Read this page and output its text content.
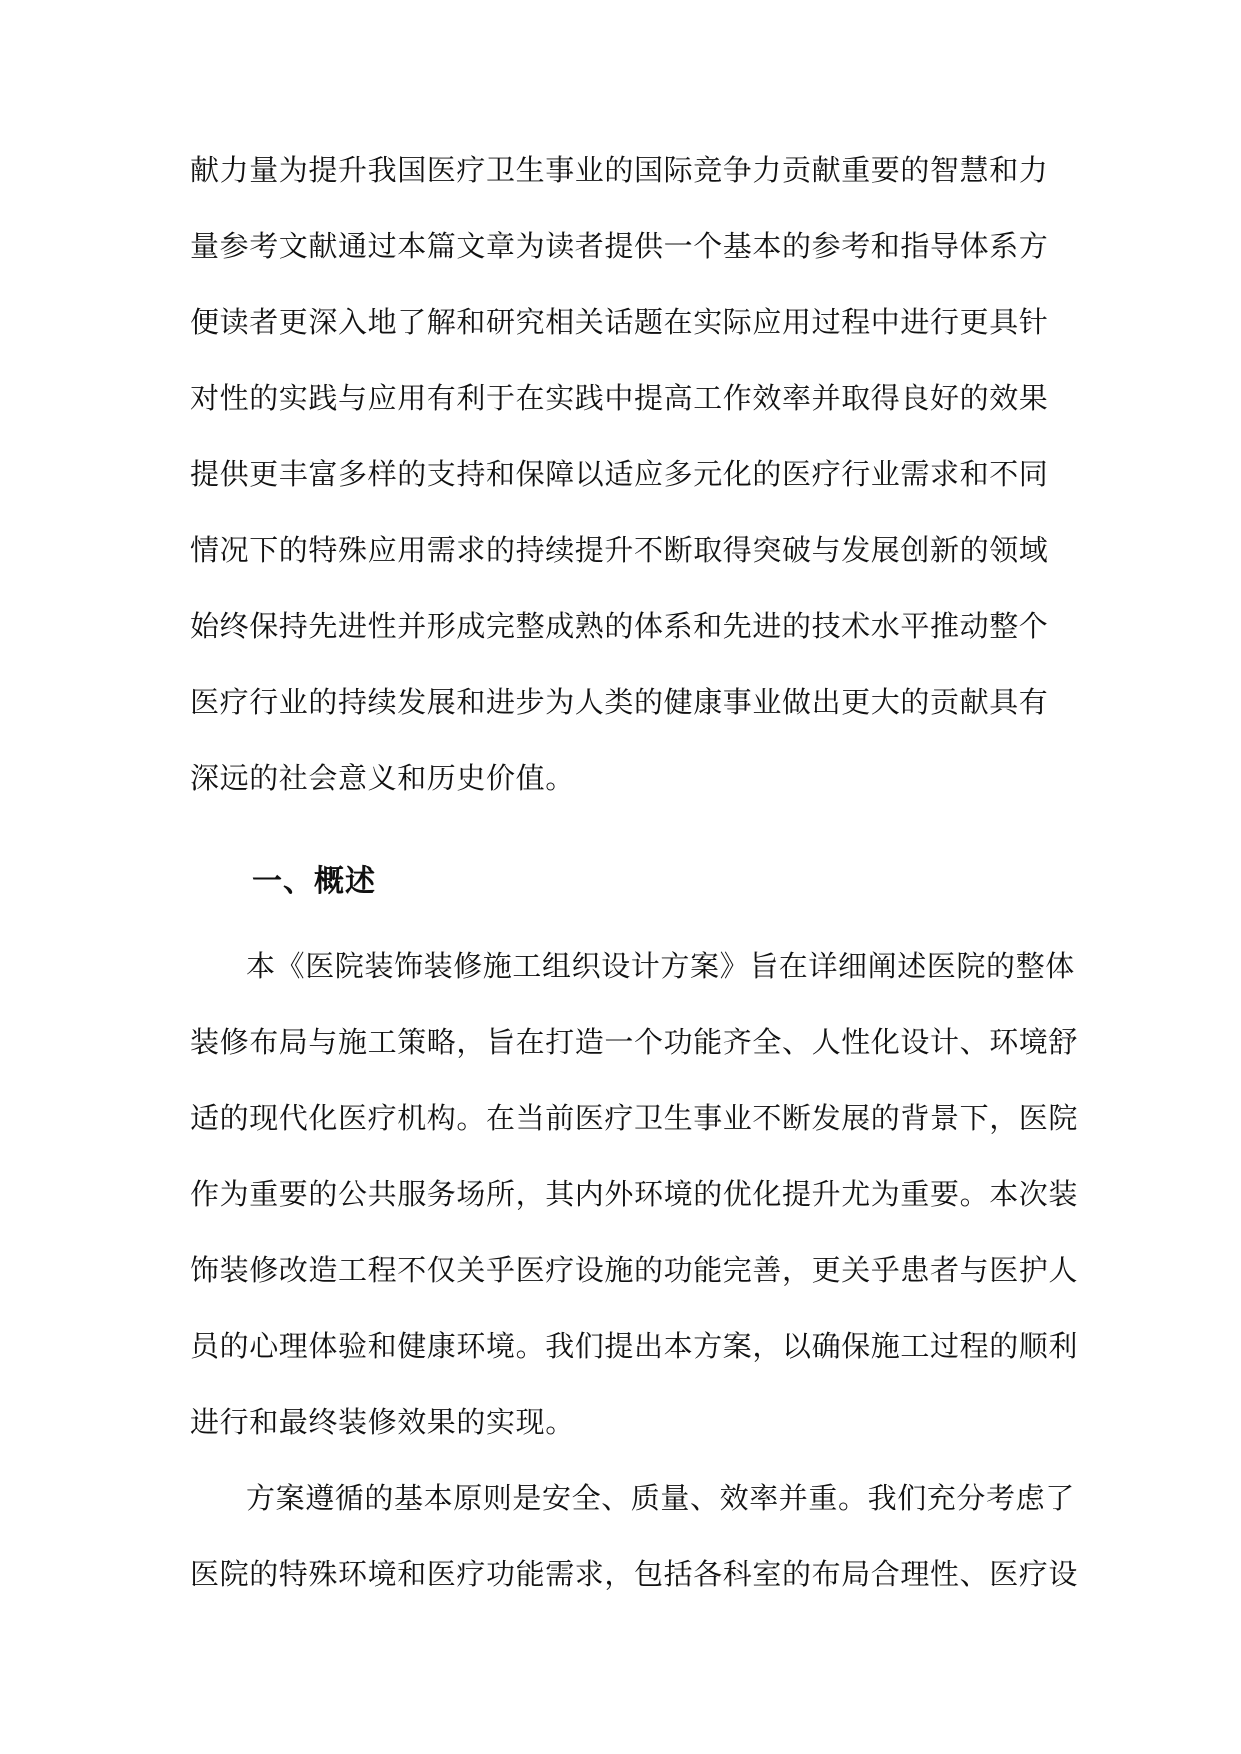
献力量为提升我国医疗卫生事业的国际竞争力贡献重要的智慧和力
量参考文献通过本篇文章为读者提供一个基本的参考和指导体系方
便读者更深入地了解和研究相关话题在实际应用过程中进行更具针
对性的实践与应用有利于在实践中提高工作效率并取得良好的效果
提供更丰富多样的支持和保障以适应多元化的医疗行业需求和不同
情况下的特殊应用需求的持续提升不断取得突破与发展创新的领域
始终保持先进性并形成完整成熟的体系和先进的技术水平推动整个
医疗行业的持续发展和进步为人类的健康事业做出更大的贡献具有
深远的社会意义和历史价值。
一、概述
本《医院装饰装修施工组织设计方案》旨在详细阐述医院的整体
装修布局与施工策略，旨在打造一个功能齐全、人性化设计、环境舒
适的现代化医疗机构。在当前医疗卫生事业不断发展的背景下，医院
作为重要的公共服务场所，其内外环境的优化提升尤为重要。本次装
饰装修改造工程不仅关乎医疗设施的功能完善，更关乎患者与医护人
员的心理体验和健康环境。我们提出本方案，以确保施工过程的顺利
进行和最终装修效果的实现。
方案遵循的基本原则是安全、质量、效率并重。我们充分考虑了
医院的特殊环境和医疗功能需求，包括各科室的布局合理性、医疗设
